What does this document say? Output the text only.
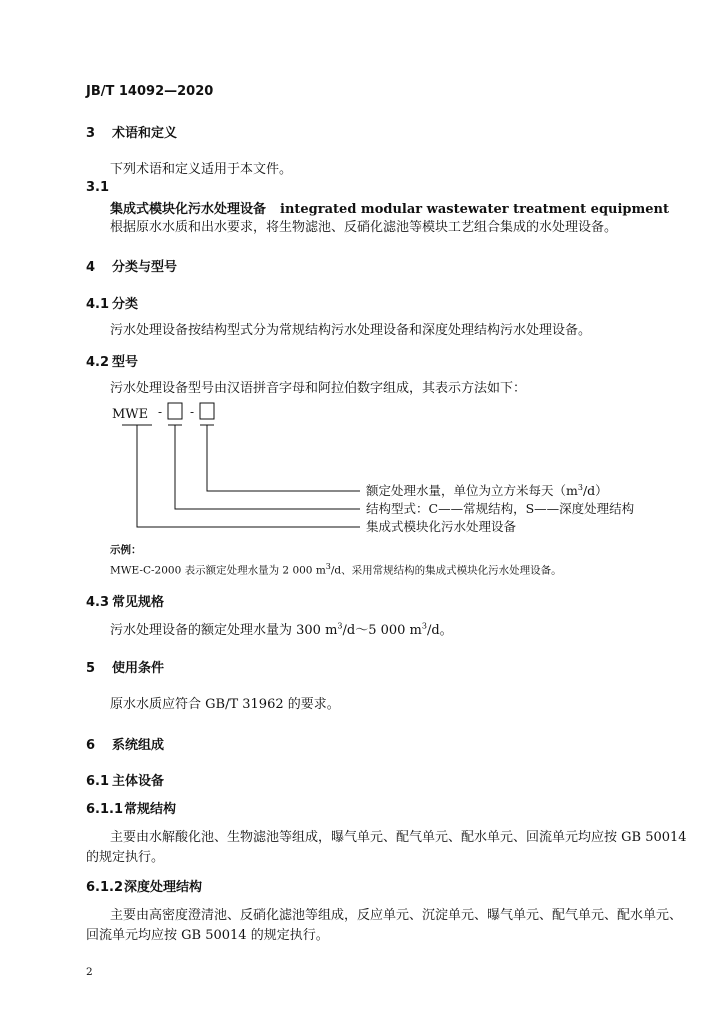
JB/T 14092—2020
3 术语和定义
下列术语和定义适用于本文件。
3.1
集成式模块化污水处理设备 integrated modular wastewater treatment equipment
根据原水水质和出水要求，将生物滤池、反硝化滤池等模块工艺组合集成的水处理设备。
4 分类与型号
4.1 分类
污水处理设备按结构型式分为常规结构污水处理设备和深度处理结构污水处理设备。
4.2 型号
污水处理设备型号由汉语拼音字母和阿拉伯数字组成，其表示方法如下：
MWE - -
额定处理水量，单位为立方米每天$(m^3/d)$
结构型式：C——常规结构，S——深度处理结构
集成式模块化污水处理设备
示例：
MWE-C-2000 表示额定处理水量为 2 000 $m^3/d$、采用常规结构的集成式模块化污水处理设备。
4.3 常见规格
污水处理设备的额定处理水量为 300 $m^3/d\sim 5$ 000 $m^3/d$。
5 使用条件
原水水质应符合 GB/T 31962 的要求。
6 系统组成
6.1 主体设备
6.1.1常规结构
主要由水解酸化池、生物滤池等组成，曝气单元、配气单元、配水单元、回流单元均应按 GB 50014
的规定执行。
6.1.2深度处理结构
主要由高密度澄清池、反硝化滤池等组成，反应单元、沉淀单元、曝气单元、配气单元、配水单元、
回流单元均应按 GB 50014 的规定执行。
2
